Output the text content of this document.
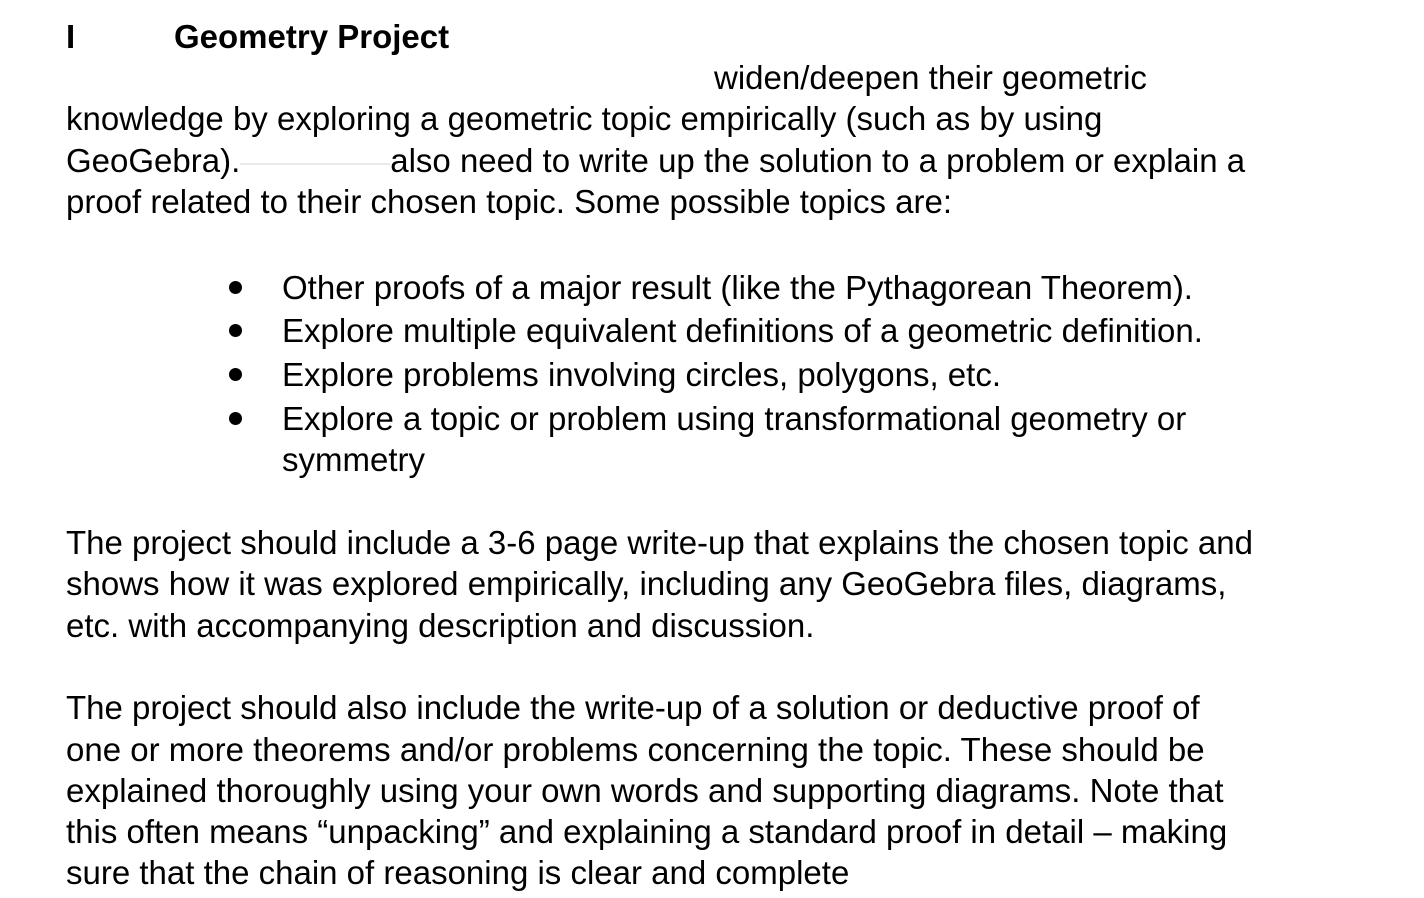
I	Geometry Project
widen/deepen their geometric
knowledge by exploring a geometric topic empirically (such as by using
GeoGebra).	also need to write up the solution to a problem or explain a
proof related to their chosen topic. Some possible topics are:
Other proofs of a major result (like the Pythagorean Theorem).
Explore multiple equivalent definitions of a geometric definition.
Explore problems involving circles, polygons, etc.
Explore a topic or problem using transformational geometry or
symmetry
The project should include a 3-6 page write-up that explains the chosen topic and
shows how it was explored empirically, including any GeoGebra files, diagrams,
etc. with accompanying description and discussion.
The project should also include the write-up of a solution or deductive proof of
one or more theorems and/or problems concerning the topic. These should be
explained thoroughly using your own words and supporting diagrams. Note that
this often means “unpacking” and explaining a standard proof in detail – making
sure that the chain of reasoning is clear and complete
